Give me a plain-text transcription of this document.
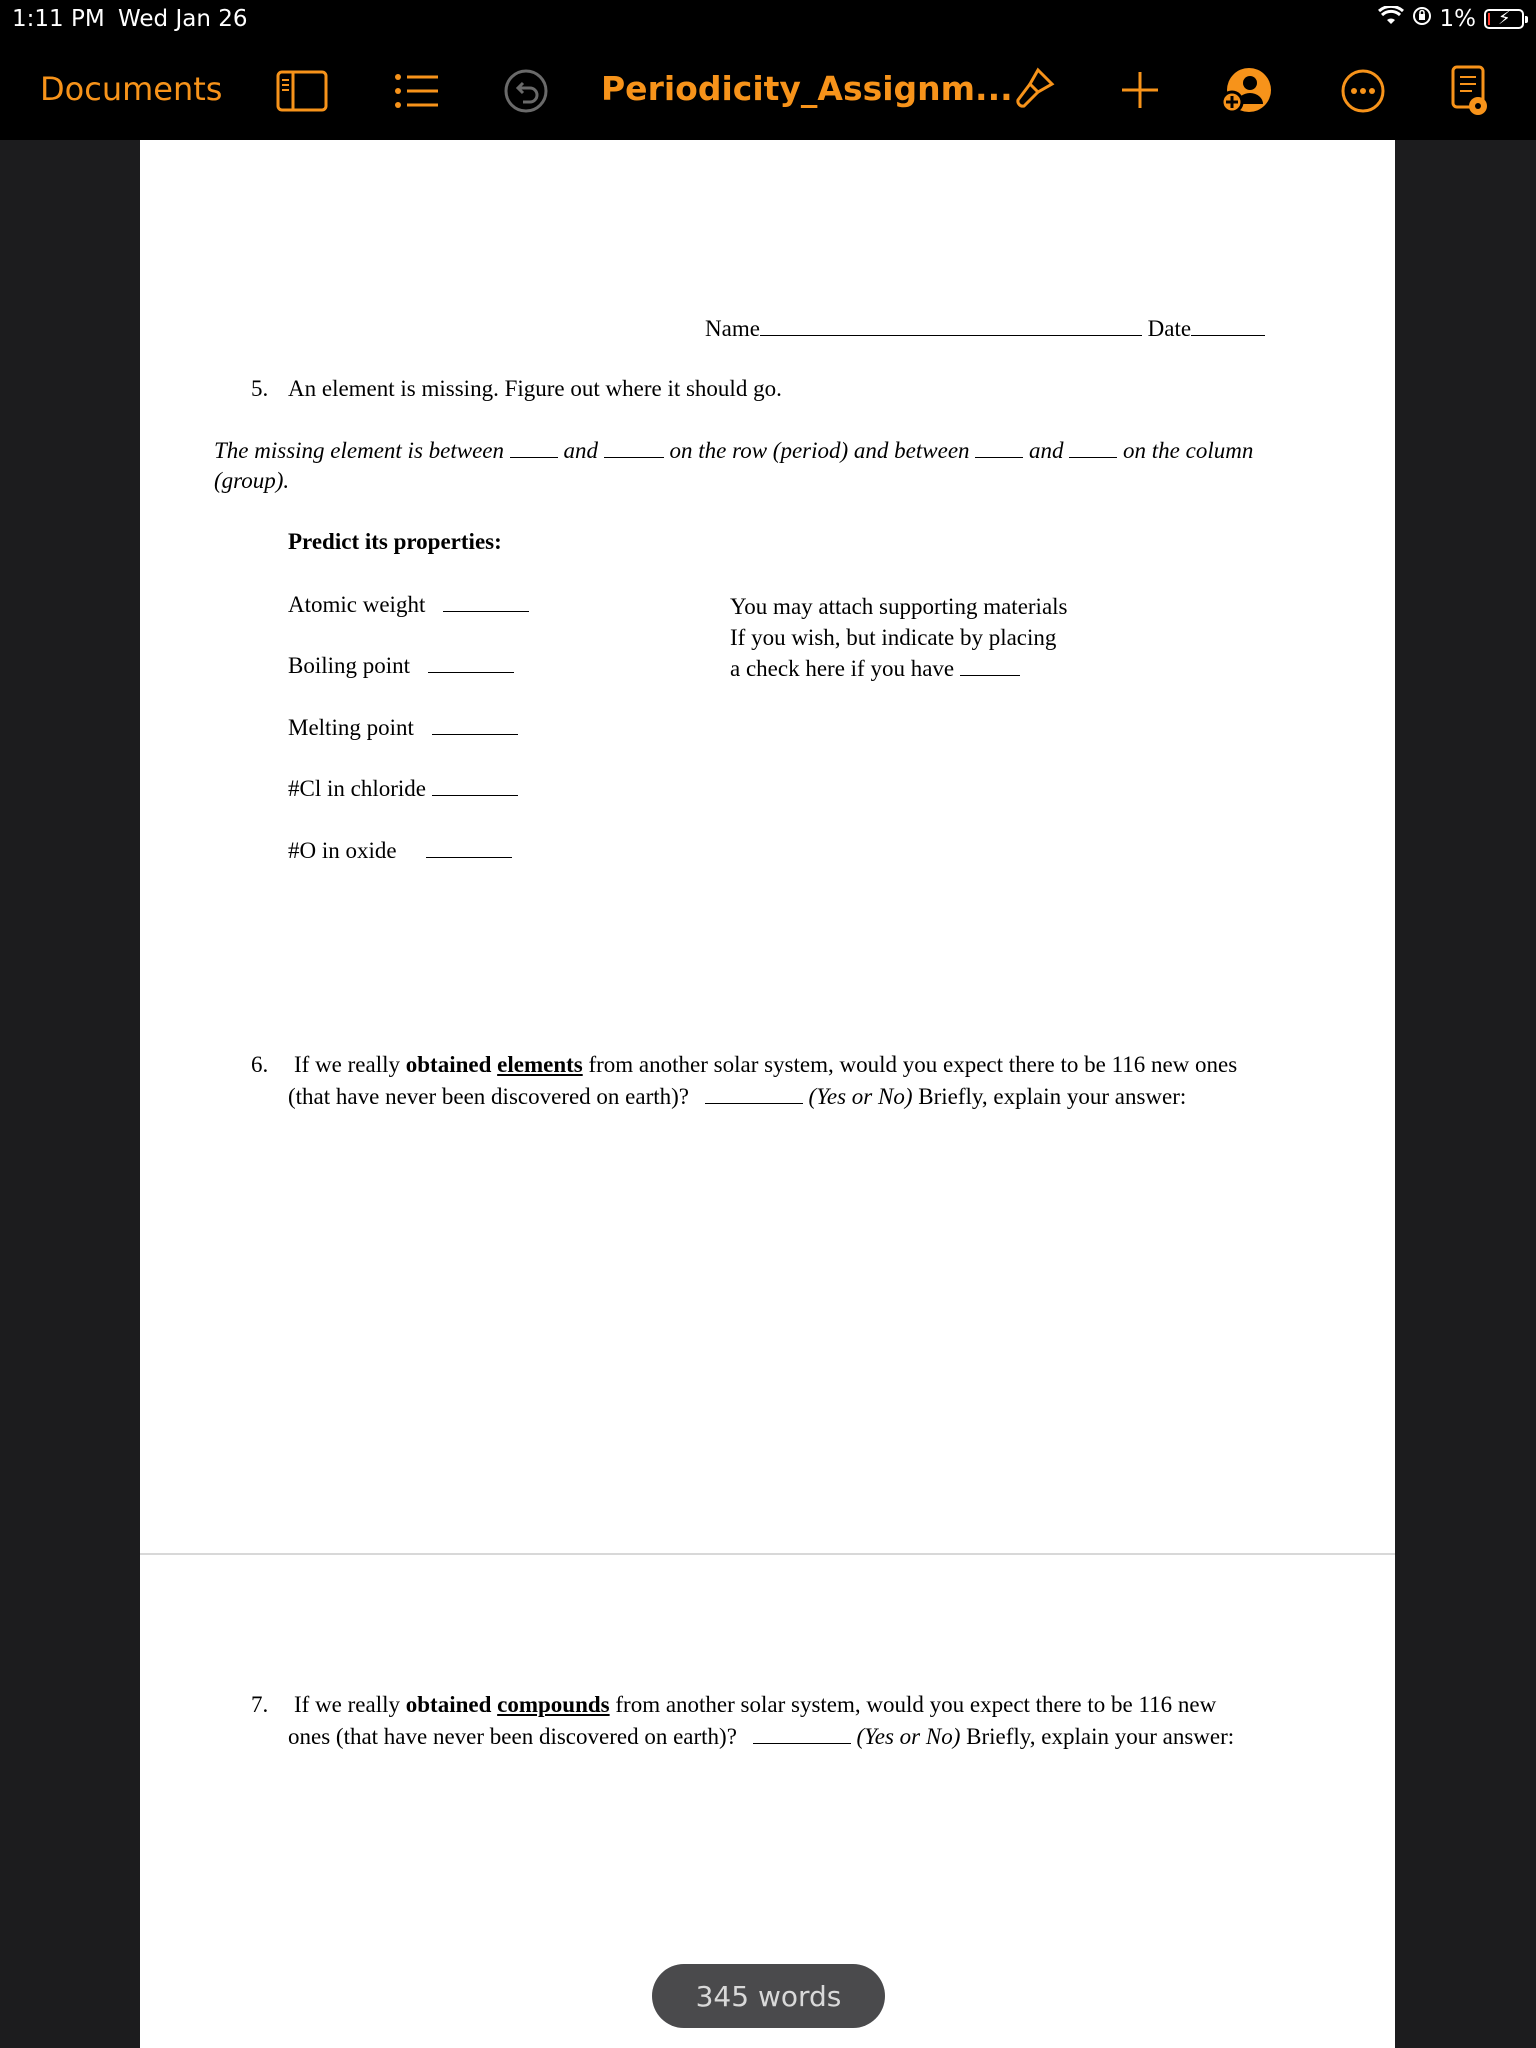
1:11 PM Wed Jan 26	1% ⚡
Documents	Periodicity_Assignm...
Name	Date
5. An element is missing. Figure out where it should go.
The missing element is between	and	on the row (period) and between	and	on the column
(group).
Predict its properties:
Atomic weight
Boiling point
Melting point
#Cl in chloride
#O in oxide
You may attach supporting materials
If you wish, but indicate by placing
a check here if you have
6. If we really obtained elements from another solar system, would you expect there to be 116 new ones
(that have never been discovered on earth)?	(Yes or No) Briefly, explain your answer:
7. If we really obtained compounds from another solar system, would you expect there to be 116 new
ones (that have never been discovered on earth)?	(Yes or No) Briefly, explain your answer:
345 words
